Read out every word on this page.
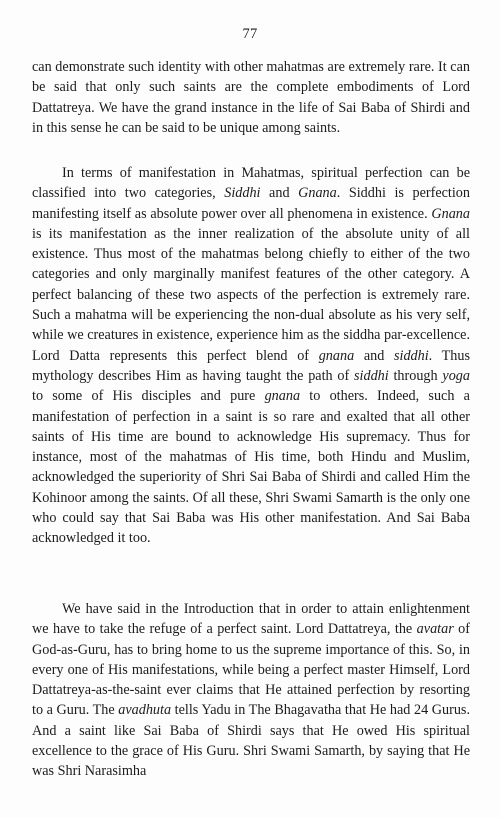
77

can demonstrate such identity with other mahatmas are extremely rare. It can be said that only such saints are the complete embodiments of Lord Dattatreya. We have the grand instance in the life of Sai Baba of Shirdi and in this sense he can be said to be unique among saints.

In terms of manifestation in Mahatmas, spiritual perfection can be classified into two categories, Siddhi and Gnana. Siddhi is perfection manifesting itself as absolute power over all phenomena in existence. Gnana is its manifestation as the inner realization of the absolute unity of all existence. Thus most of the mahatmas belong chiefly to either of the two categories and only marginally manifest features of the other category. A perfect balancing of these two aspects of the perfection is extremely rare. Such a mahatma will be experiencing the non-dual absolute as his very self, while we creatures in existence, experience him as the siddha par-excellence. Lord Datta represents this perfect blend of gnana and siddhi. Thus mythology describes Him as having taught the path of siddhi through yoga to some of His disciples and pure gnana to others. Indeed, such a manifestation of perfection in a saint is so rare and exalted that all other saints of His time are bound to acknowledge His supremacy. Thus for instance, most of the mahatmas of His time, both Hindu and Muslim, acknowledged the superiority of Shri Sai Baba of Shirdi and called Him the Kohinoor among the saints. Of all these, Shri Swami Samarth is the only one who could say that Sai Baba was His other manifestation. And Sai Baba acknowledged it too.

We have said in the Introduction that in order to attain enlightenment we have to take the refuge of a perfect saint. Lord Dattatreya, the avatar of God-as-Guru, has to bring home to us the supreme importance of this. So, in every one of His manifestations, while being a perfect master Himself, Lord Dattatreya-as-the-saint ever claims that He attained perfection by resorting to a Guru. The avadhuta tells Yadu in The Bhagavatha that He had 24 Gurus. And a saint like Sai Baba of Shirdi says that He owed His spiritual excellence to the grace of His Guru. Shri Swami Samarth, by saying that He was Shri Narasimha
